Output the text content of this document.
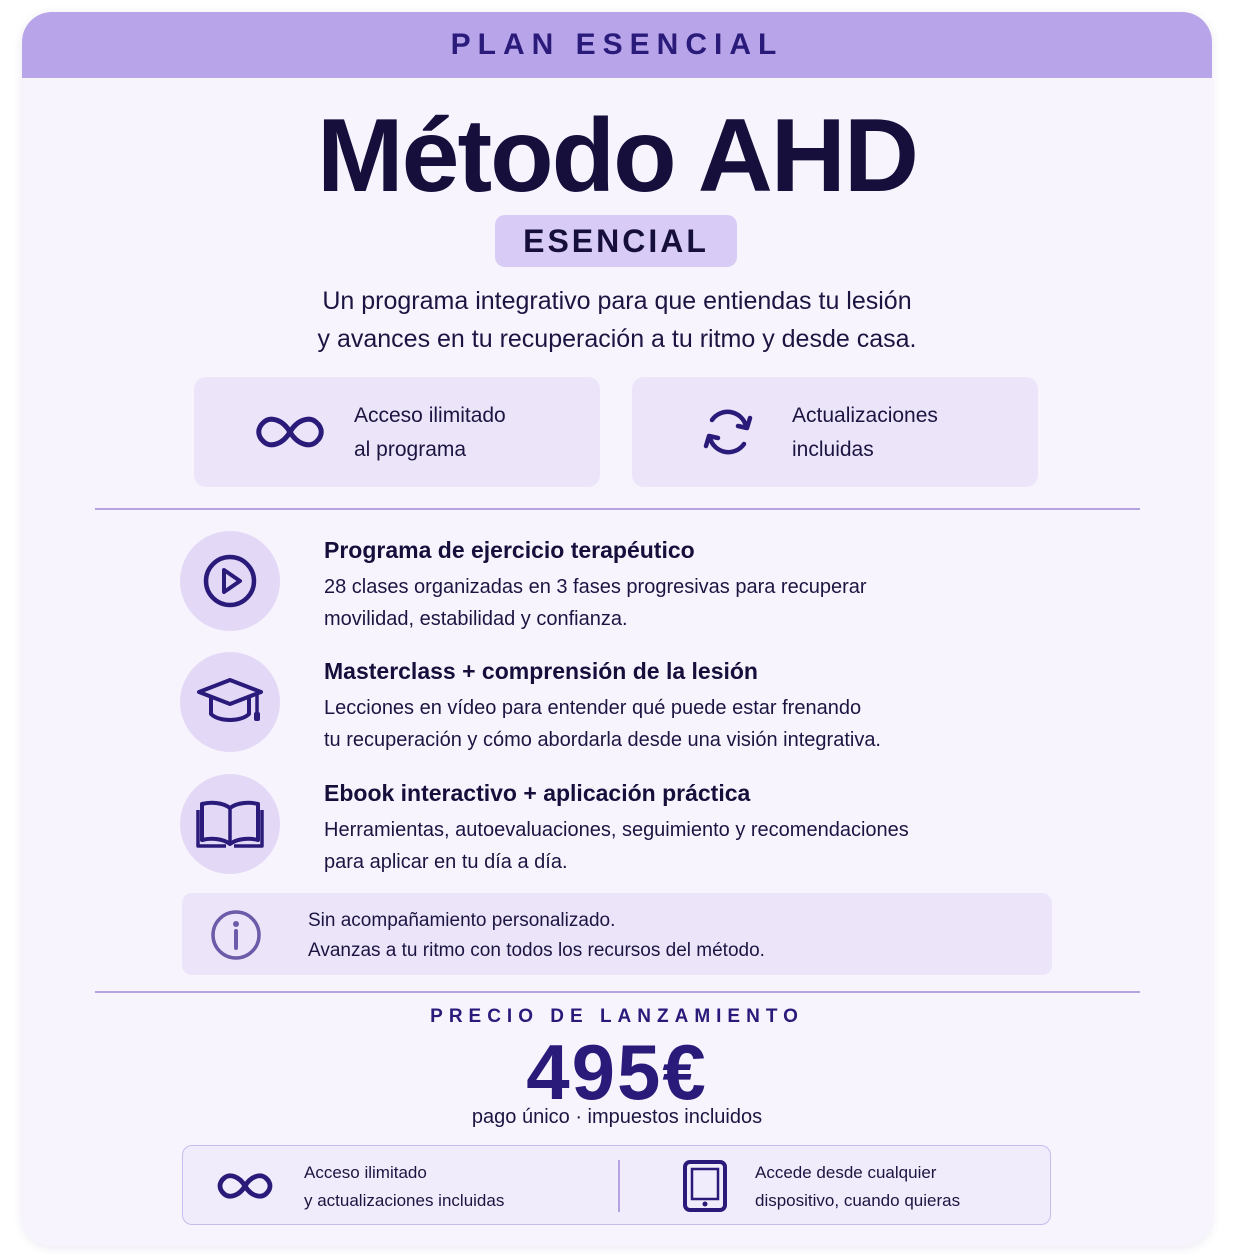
PLAN ESENCIAL
Método AHD
ESENCIAL
Un programa integrativo para que entiendas tu lesión
y avances en tu recuperación a tu ritmo y desde casa.
Acceso ilimitado
al programa
Actualizaciones
incluidas
Programa de ejercicio terapéutico
28 clases organizadas en 3 fases progresivas para recuperar
movilidad, estabilidad y confianza.
Masterclass + comprensión de la lesión
Lecciones en vídeo para entender qué puede estar frenando
tu recuperación y cómo abordarla desde una visión integrativa.
Ebook interactivo + aplicación práctica
Herramientas, autoevaluaciones, seguimiento y recomendaciones
para aplicar en tu día a día.
Sin acompañamiento personalizado.
Avanzas a tu ritmo con todos los recursos del método.
PRECIO DE LANZAMIENTO
495€
pago único · impuestos incluidos
Acceso ilimitado
y actualizaciones incluidas
Accede desde cualquier
dispositivo, cuando quieras
